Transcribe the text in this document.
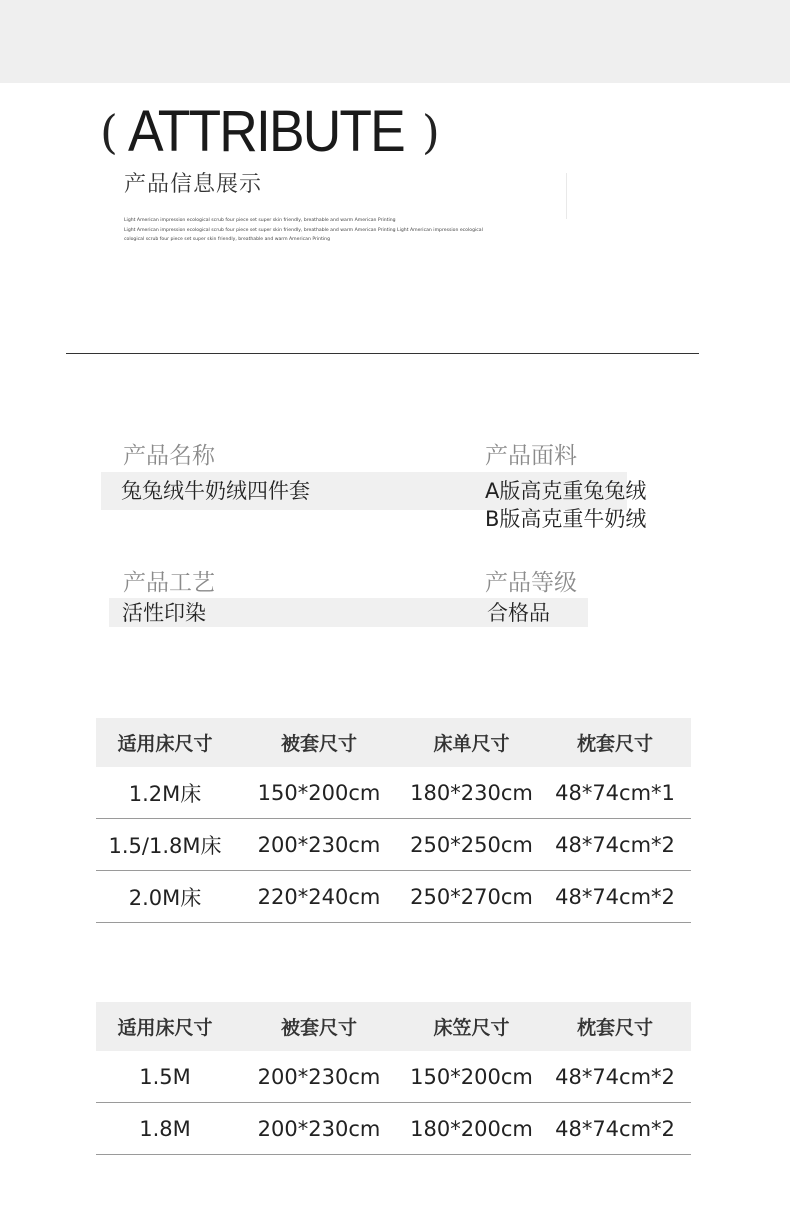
( ATTRIBUTE )
产品信息展示
Light American impression ecological scrub four piece set super skin friendly, breathable and warm American Printing
Light American impression ecological scrub four piece set super skin friendly, breathable and warm American Printing Light American impression ecological
cological scrub four piece set super skin friendly, breathable and warm American Printing
产品名称
兔兔绒牛奶绒四件套
产品面料
A版高克重兔兔绒
B版高克重牛奶绒
产品工艺
活性印染
产品等级
合格品
适用床尺寸	被套尺寸	床单尺寸	枕套尺寸
1.2M床	150*200cm	180*230cm	48*74cm*1
1.5/1.8M床	200*230cm	250*250cm	48*74cm*2
2.0M床	220*240cm	250*270cm	48*74cm*2
适用床尺寸	被套尺寸	床笠尺寸	枕套尺寸
1.5M	200*230cm	150*200cm	48*74cm*2
1.8M	200*230cm	180*200cm	48*74cm*2
